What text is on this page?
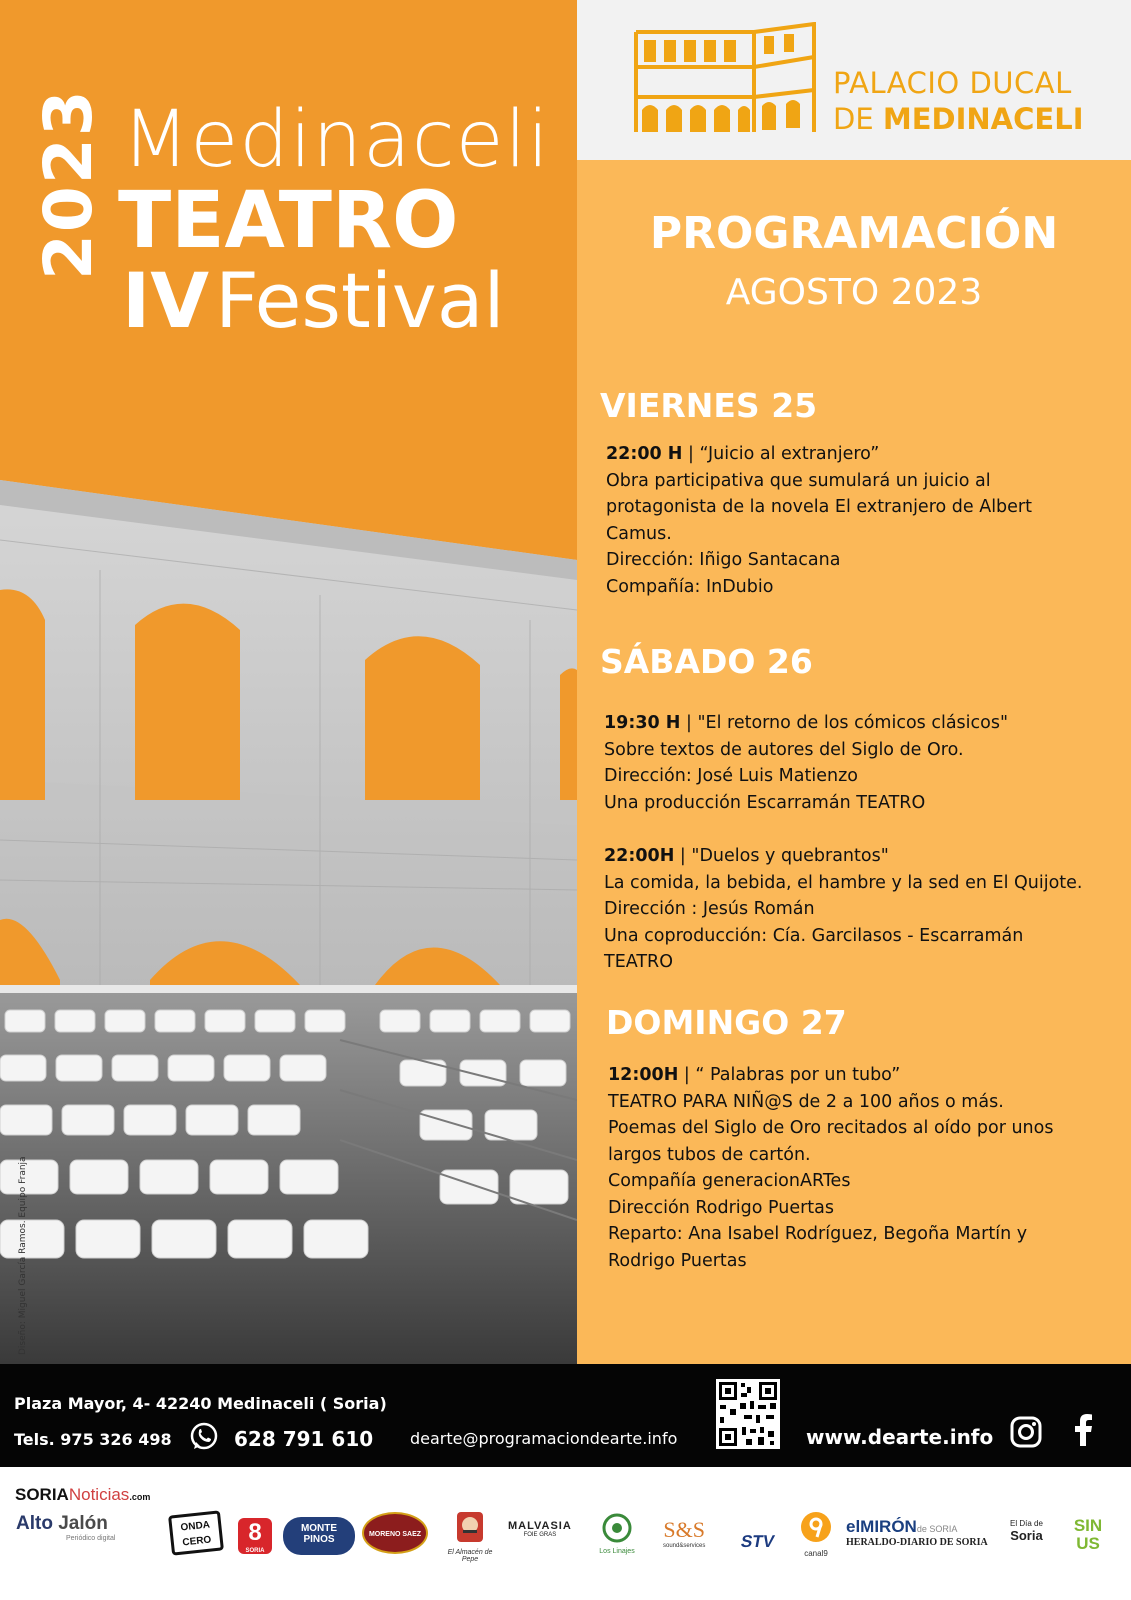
2023 Medinaceli
TEATRO
IVFestival
Diseño: Miguel García Ramos. Equipo Franja
PALACIO DUCAL
DE MEDINACELI
PROGRAMACIÓN
AGOSTO 2023
VIERNES 25
22:00 H | “Juicio al extranjero”
Obra participativa que sumulará un juicio al
protagonista de la novela El extranjero de Albert
Camus.
Dirección: Iñigo Santacana
Compañía: InDubio
SÁBADO 26
19:30 H | "El retorno de los cómicos clásicos"
Sobre textos de autores del Siglo de Oro.
Dirección: José Luis Matienzo
Una producción Escarramán TEATRO
22:00H | "Duelos y quebrantos"
La comida, la bebida, el hambre y la sed en El Quijote.
Dirección : Jesús Román
Una coproducción: Cía. Garcilasos - Escarramán
TEATRO
DOMINGO 27
12:00H | “ Palabras por un tubo”
TEATRO PARA NIÑ@S de 2 a 100 años o más.
Poemas del Siglo de Oro recitados al oído por unos
largos tubos de cartón.
Compañía generacionARTes
Dirección Rodrigo Puertas
Reparto: Ana Isabel Rodríguez, Begoña Martín y
Rodrigo Puertas
Plaza Mayor, 4- 42240 Medinaceli ( Soria)
Tels. 975 326 498	628 791 610 dearte@programaciondearte.info	www.dearte.info
SORIANoticias.com
Alto Jalón
Periódico digital
ONDA
CERO	8
SORIA
MONTE
PINOS	MORENO SAEZ
El Almacén de Pepe
MALVASIA
FOIE GRAS
Los Linajes
S&S
sound&services STV
canal9
elMIRÓNde SORIA
HERALDO-DIARIO DE SORIA
El Día de
Soria
SIN US
